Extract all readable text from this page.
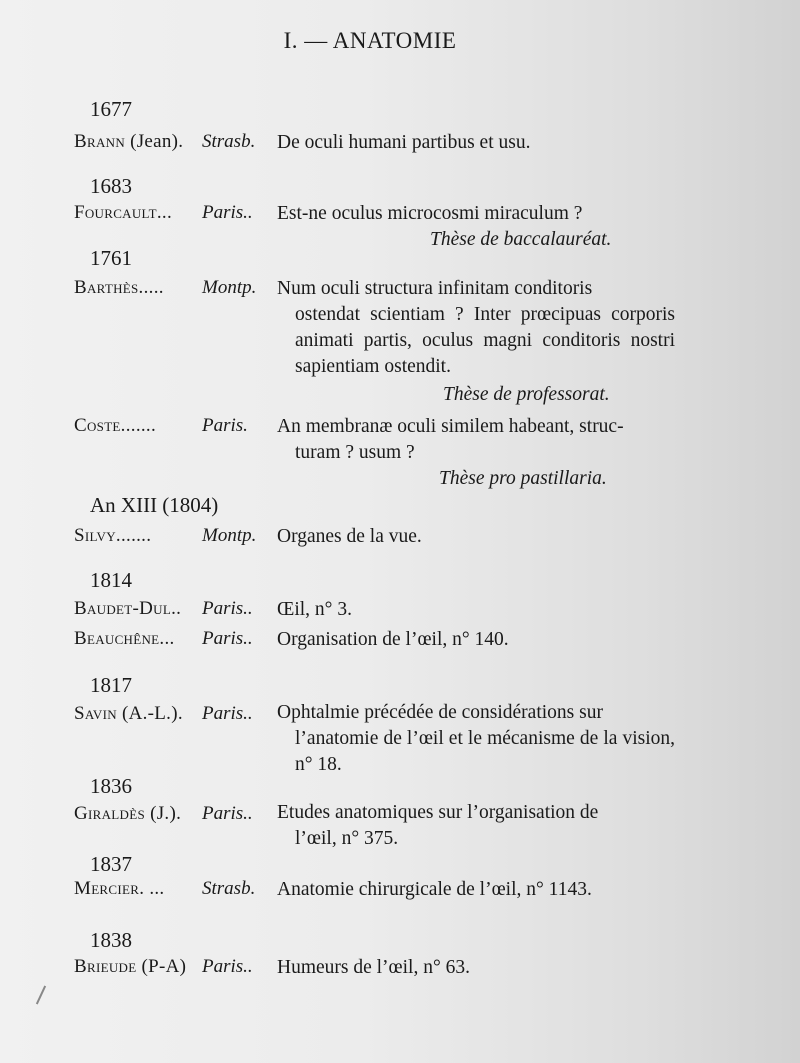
I. — ANATOMIE
1677
Brann (Jean). Strasb. De oculi humani partibus et usu.
1683
Fourcault... Paris.. Est-ne oculus microcosmi miraculum ?
Thèse de baccalauréat.
1761
Barthès..... Montp. Num oculi structura infinitam conditoris
ostendat scientiam ? Inter prœcipuas corporis animati partis, oculus magni conditoris nostri sapientiam ostendit.
Thèse de professorat.
Coste....... Paris. An membranæ oculi similem habeant, struc-
turam ? usum ?
Thèse pro pastillaria.
An XIII (1804)
Silvy.......	Montp. Organes de la vue.
1814
Baudet-Dul.. Paris.. Œil, n° 3.
Beauchêne... Paris.. Organisation de l’œil, n° 140.
1817
Savin (A.-L.). Paris.. Ophtalmie précédée de considérations sur
l’anatomie de l’œil et le mécanisme de la vision, n° 18.
1836
Giraldès (J.). Paris.. Etudes anatomiques sur l’organisation de
l’œil, n° 375.
1837
Mercier. ... Strasb. Anatomie chirurgicale de l’œil, n° 1143.
1838
Brieude (P-A) Paris.. Humeurs de l’œil, n° 63.
